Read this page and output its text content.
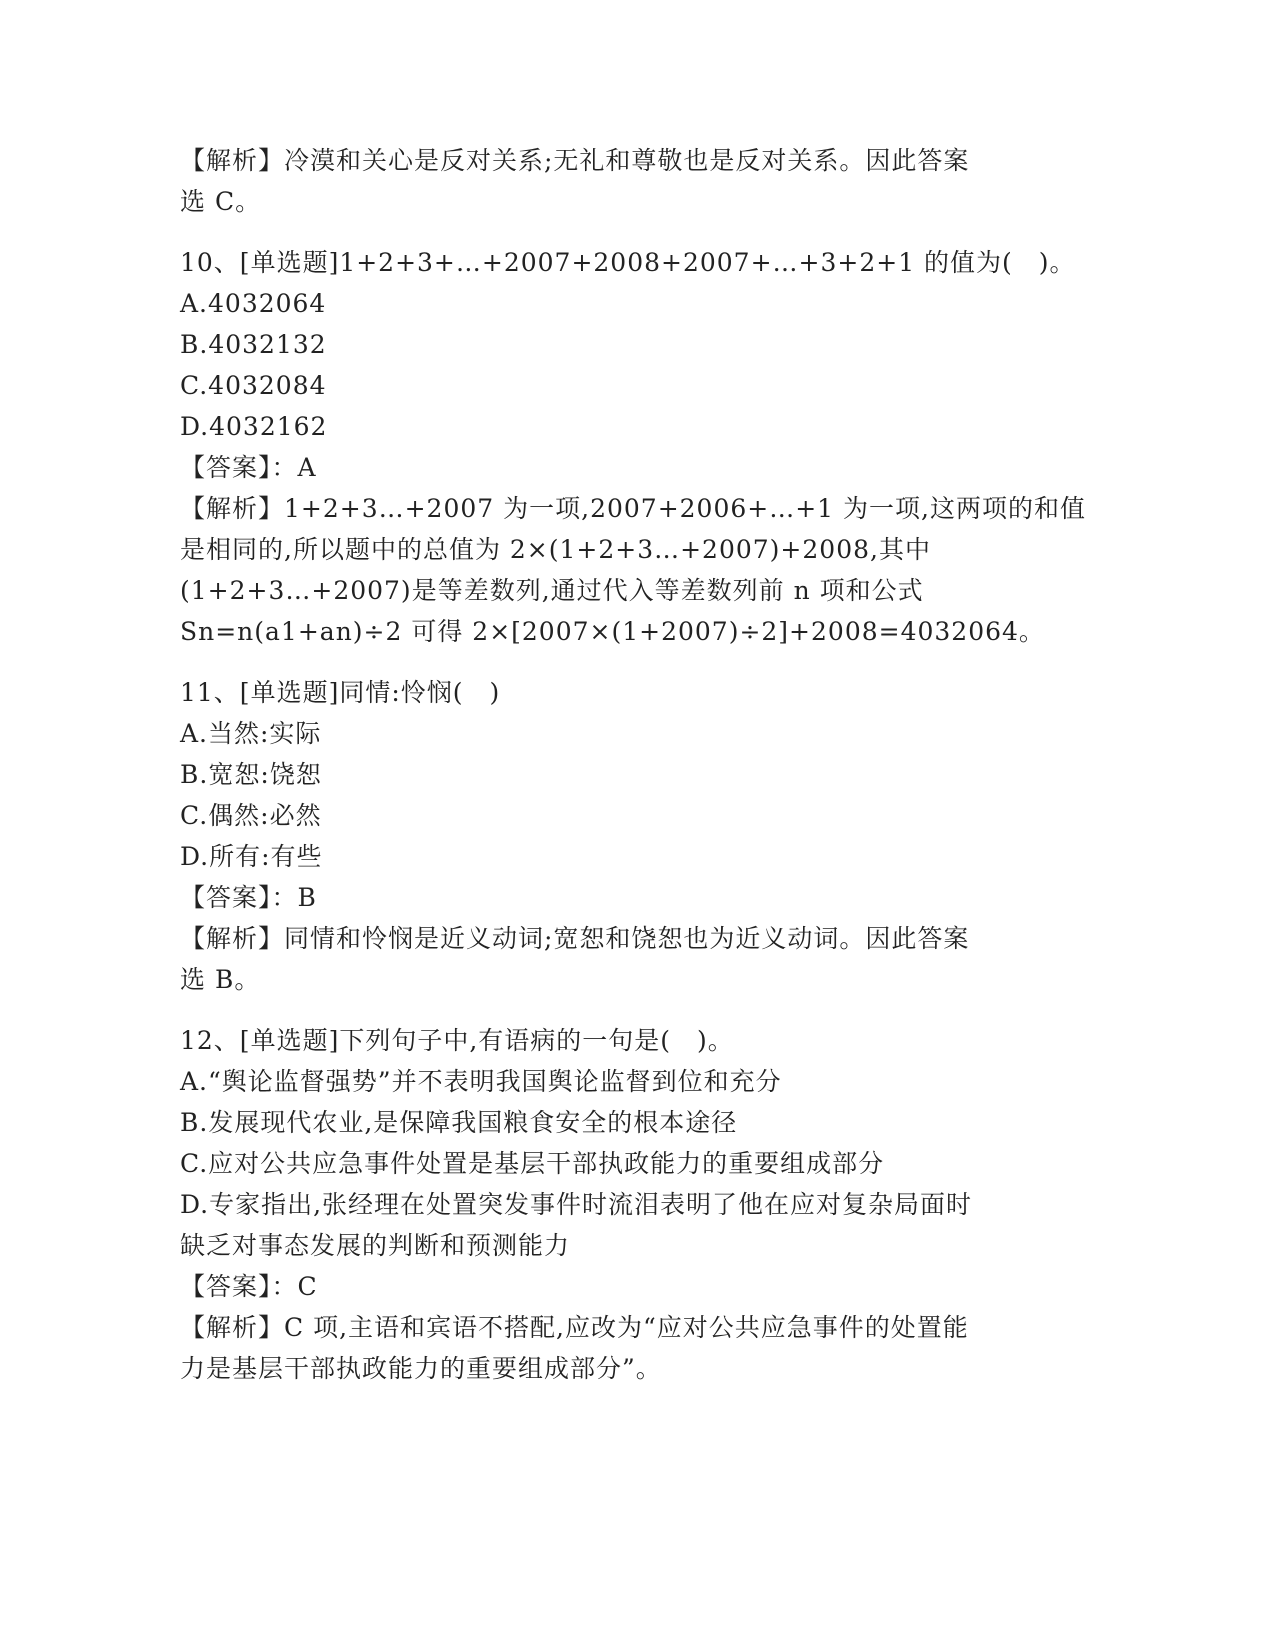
【解析】冷漠和关心是反对关系;无礼和尊敬也是反对关系。因此答案
选 C。
10、[单选题]1+2+3+…+2007+2008+2007+…+3+2+1 的值为(　)。
A.4032064
B.4032132
C.4032084
D.4032162
【答案】：A
【解析】1+2+3…+2007 为一项,2007+2006+…+1 为一项,这两项的和值
是相同的,所以题中的总值为 2×(1+2+3…+2007)+2008,其中
(1+2+3…+2007)是等差数列,通过代入等差数列前 n 项和公式
Sn=n(a1+an)÷2 可得 2×[2007×(1+2007)÷2]+2008=4032064。
11、[单选题]同情:怜悯(　)
A.当然:实际
B.宽恕:饶恕
C.偶然:必然
D.所有:有些
【答案】：B
【解析】同情和怜悯是近义动词;宽恕和饶恕也为近义动词。因此答案
选 B。
12、[单选题]下列句子中,有语病的一句是(　)。
A.“舆论监督强势”并不表明我国舆论监督到位和充分
B.发展现代农业,是保障我国粮食安全的根本途径
C.应对公共应急事件处置是基层干部执政能力的重要组成部分
D.专家指出,张经理在处置突发事件时流泪表明了他在应对复杂局面时
缺乏对事态发展的判断和预测能力
【答案】：C
【解析】C 项,主语和宾语不搭配,应改为“应对公共应急事件的处置能
力是基层干部执政能力的重要组成部分”。
